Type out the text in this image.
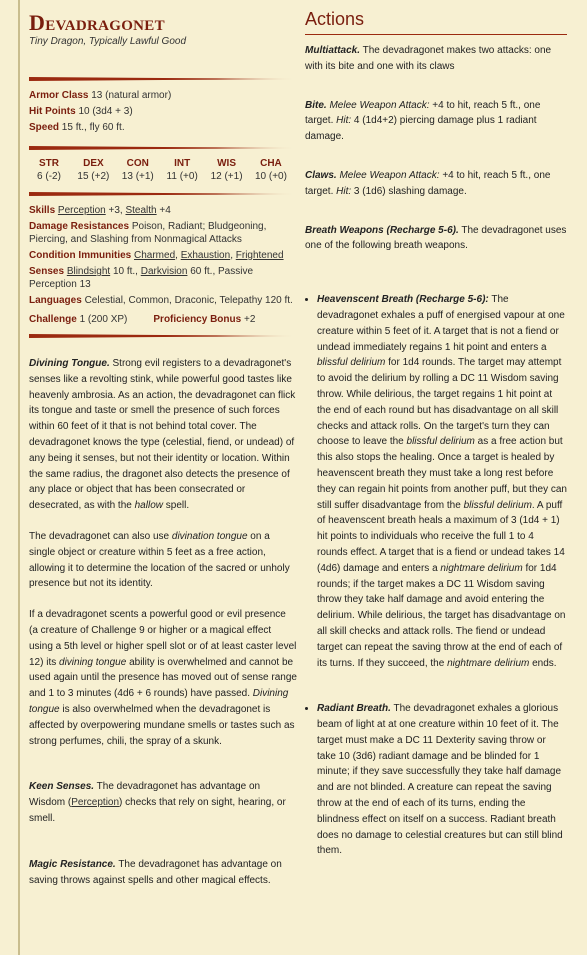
Devadragonet
Tiny Dragon, Typically Lawful Good
Armor Class 13 (natural armor)
Hit Points 10 (3d4 + 3)
Speed 15 ft., fly 60 ft.
STR	DEX	CON	INT	WIS	CHA
6 (-2)	15 (+2)	13 (+1)	11 (+0)	12 (+1)	10 (+0)
Skills Perception +3, Stealth +4
Damage Resistances Poison, Radiant; Bludgeoning, Piercing, and Slashing from Nonmagical Attacks
Condition Immunities Charmed, Exhaustion, Frightened
Senses Blindsight 10 ft., Darkvision 60 ft., Passive Perception 13
Languages Celestial, Common, Draconic, Telepathy 120 ft.
Challenge 1 (200 XP)	Proficiency Bonus +2
Divining Tongue. Strong evil registers to a devadragonet's senses like a revolting stink, while powerful good tastes like heavenly ambrosia. As an action, the devadragonet can flick its tongue and taste or smell the presence of such forces within 60 feet of it that is not behind total cover. The devadragonet knows the type (celestial, fiend, or undead) of any being it senses, but not their identity or location. Within the same radius, the dragonet also detects the presence of any place or object that has been consecrated or desecrated, as with the hallow spell.
The devadragonet can also use divination tongue on a single object or creature within 5 feet as a free action, allowing it to determine the location of the sacred or unholy presence but not its identity.
If a devadragonet scents a powerful good or evil presence (a creature of Challenge 9 or higher or a magical effect using a 5th level or higher spell slot or of at least caster level 12) its divining tongue ability is overwhelmed and cannot be used again until the presence has moved out of sense range and 1 to 3 minutes (4d6 + 6 rounds) have passed. Divining tongue is also overwhelmed when the devadragonet is affected by overpowering mundane smells or tastes such as strong perfumes, chili, the spray of a skunk.
Keen Senses. The devadragonet has advantage on Wisdom (Perception) checks that rely on sight, hearing, or smell.
Magic Resistance. The devadragonet has advantage on saving throws against spells and other magical effects.
Actions
Multiattack. The devadragonet makes two attacks: one with its bite and one with its claws
Bite. Melee Weapon Attack: +4 to hit, reach 5 ft., one target. Hit: 4 (1d4+2) piercing damage plus 1 radiant damage.
Claws. Melee Weapon Attack: +4 to hit, reach 5 ft., one target. Hit: 3 (1d6) slashing damage.
Breath Weapons (Recharge 5-6). The devadragonet uses one of the following breath weapons.
• Heavenscent Breath (Recharge 5-6): The devadragonet exhales a puff of energised vapour at one creature within 5 feet of it. A target that is not a fiend or undead immediately regains 1 hit point and enters a blissful delirium for 1d4 rounds. The target may attempt to avoid the delirium by rolling a DC 11 Wisdom saving throw. While delirious, the target regains 1 hit point at the end of each round but has disadvantage on all skill checks and attack rolls. On the target's turn they can choose to leave the blissful delirium as a free action but this also stops the healing. Once a target is healed by heavenscent breath they must take a long rest before they can regain hit points from another puff, but they can still suffer disadvantage from the blissful delirium. A puff of heavenscent breath heals a maximum of 3 (1d4 + 1) hit points to individuals who receive the full 1 to 4 rounds effect. A target that is a fiend or undead takes 14 (4d6) damage and enters a nightmare delirium for 1d4 rounds; if the target makes a DC 11 Wisdom saving throw they take half damage and avoid entering the delirium. While delirious, the target has disadvantage on all skill checks and attack rolls. The fiend or undead target can repeat the saving throw at the end of each of its turns. If they succeed, the nightmare delirium ends.
• Radiant Breath. The devadragonet exhales a glorious beam of light at at one creature within 10 feet of it. The target must make a DC 11 Dexterity saving throw or take 10 (3d6) radiant damage and be blinded for 1 minute; if they save successfully they take half damage and are not blinded. A creature can repeat the saving throw at the end of each of its turns, ending the blindness effect on itself on a success. Radiant breath does no damage to celestial creatures but can still blind them.
